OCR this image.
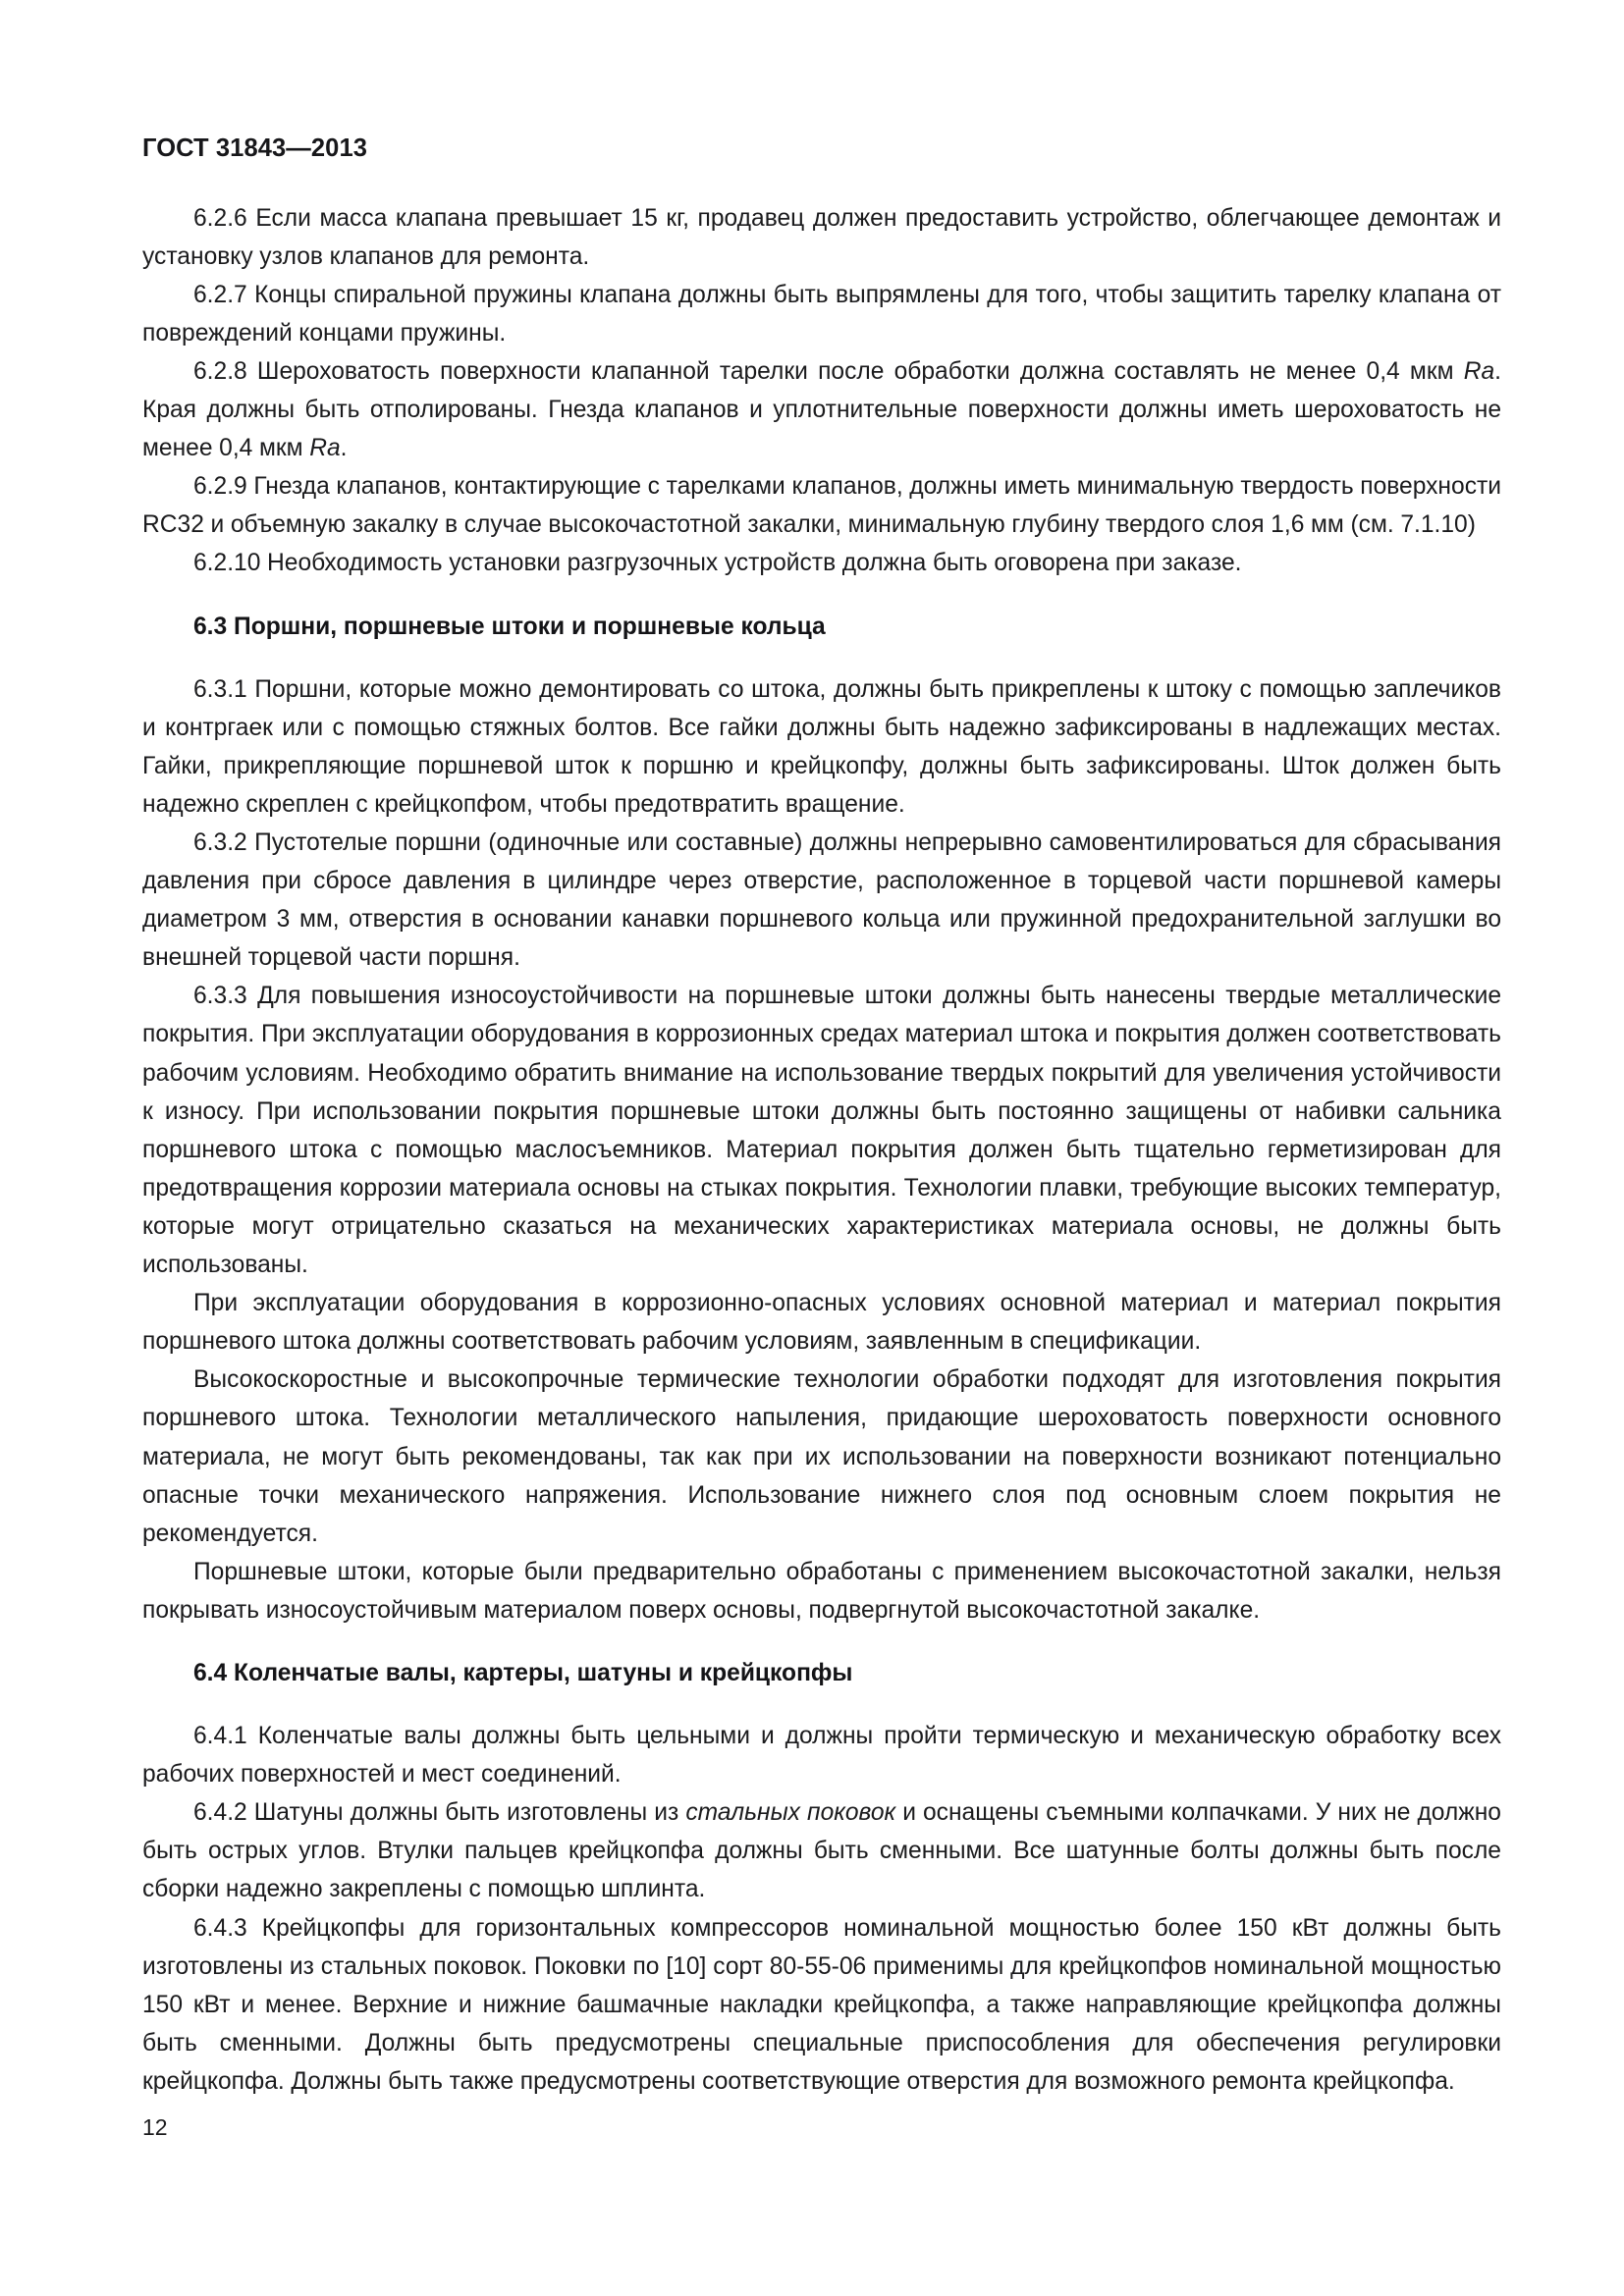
ГОСТ 31843—2013

6.2.6 Если масса клапана превышает 15 кг, продавец должен предоставить устройство, облегчающее демонтаж и установку узлов клапанов для ремонта.

6.2.7 Концы спиральной пружины клапана должны быть выпрямлены для того, чтобы защитить тарелку клапана от повреждений концами пружины.

6.2.8 Шероховатость поверхности клапанной тарелки после обработки должна составлять не менее 0,4 мкм Ra. Края должны быть отполированы. Гнезда клапанов и уплотнительные поверхности должны иметь шероховатость не менее 0,4 мкм Ra.

6.2.9 Гнезда клапанов, контактирующие с тарелками клапанов, должны иметь минимальную твердость поверхности RC32 и объемную закалку в случае высокочастотной закалки, минимальную глубину твердого слоя 1,6 мм (см. 7.1.10)

6.2.10 Необходимость установки разгрузочных устройств должна быть оговорена при заказе.

6.3 Поршни, поршневые штоки и поршневые кольца

6.3.1 Поршни, которые можно демонтировать со штока, должны быть прикреплены к штоку с помощью заплечиков и контргаек или с помощью стяжных болтов. Все гайки должны быть надежно зафиксированы в надлежащих местах. Гайки, прикрепляющие поршневой шток к поршню и крейцкопфу, должны быть зафиксированы. Шток должен быть надежно скреплен с крейцкопфом, чтобы предотвратить вращение.

6.3.2 Пустотелые поршни (одиночные или составные) должны непрерывно самовентилироваться для сбрасывания давления при сбросе давления в цилиндре через отверстие, расположенное в торцевой части поршневой камеры диаметром 3 мм, отверстия в основании канавки поршневого кольца или пружинной предохранительной заглушки во внешней торцевой части поршня.

6.3.3 Для повышения износоустойчивости на поршневые штоки должны быть нанесены твердые металлические покрытия. При эксплуатации оборудования в коррозионных средах материал штока и покрытия должен соответствовать рабочим условиям. Необходимо обратить внимание на использование твердых покрытий для увеличения устойчивости к износу. При использовании покрытия поршневые штоки должны быть постоянно защищены от набивки сальника поршневого штока с помощью маслосъемников. Материал покрытия должен быть тщательно герметизирован для предотвращения коррозии материала основы на стыках покрытия. Технологии плавки, требующие высоких температур, которые могут отрицательно сказаться на механических характеристиках материала основы, не должны быть использованы.

При эксплуатации оборудования в коррозионно-опасных условиях основной материал и материал покрытия поршневого штока должны соответствовать рабочим условиям, заявленным в спецификации.

Высокоскоростные и высокопрочные термические технологии обработки подходят для изготовления покрытия поршневого штока. Технологии металлического напыления, придающие шероховатость поверхности основного материала, не могут быть рекомендованы, так как при их использовании на поверхности возникают потенциально опасные точки механического напряжения. Использование нижнего слоя под основным слоем покрытия не рекомендуется.

Поршневые штоки, которые были предварительно обработаны с применением высокочастотной закалки, нельзя покрывать износоустойчивым материалом поверх основы, подвергнутой высокочастотной закалке.

6.4 Коленчатые валы, картеры, шатуны и крейцкопфы

6.4.1 Коленчатые валы должны быть цельными и должны пройти термическую и механическую обработку всех рабочих поверхностей и мест соединений.

6.4.2 Шатуны должны быть изготовлены из стальных поковок и оснащены съемными колпачками. У них не должно быть острых углов. Втулки пальцев крейцкопфа должны быть сменными. Все шатунные болты должны быть после сборки надежно закреплены с помощью шплинта.

6.4.3 Крейцкопфы для горизонтальных компрессоров номинальной мощностью более 150 кВт должны быть изготовлены из стальных поковок. Поковки по [10] сорт 80-55-06 применимы для крейцкопфов номинальной мощностью 150 кВт и менее. Верхние и нижние башмачные накладки крейцкопфа, а также направляющие крейцкопфа должны быть сменными. Должны быть предусмотрены специальные приспособления для обеспечения регулировки крейцкопфа. Должны быть также предусмотрены соответствующие отверстия для возможного ремонта крейцкопфа.

12
